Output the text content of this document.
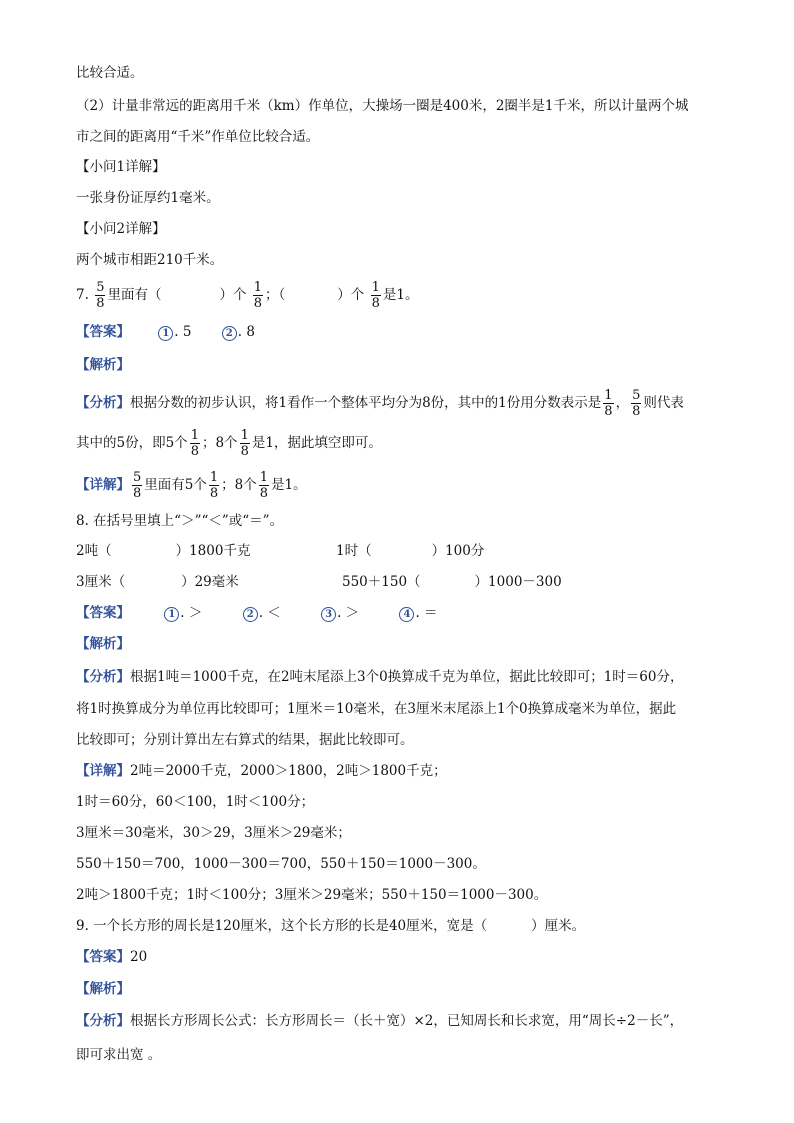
比较合适。
（2）计量非常远的距离用千米（km）作单位，大操场一圈是400米，2圈半是1千米，所以计量两个城
市之间的距离用“千米”作单位比较合适。
【小问1详解】
一张身份证厚约1毫米。
【小问2详解】
两个城市相距210千米。
7. $\frac{5}{8}$ 里面有（	）个 $\frac{1}{8}$ ；（	）个 $\frac{1}{8}$ 是1。
【答案】	1 . 5	2 . 8
【解析】
【分析】根据分数的初步认识，将1看作一个整体平均分为8份，其中的1份用分数表示是 $\frac{1}{8}$ ， $\frac{5}{8}$ 则代表
其中的5份，即5个 $\frac{1}{8}$ ；8个 $\frac{1}{8}$ 是1，据此填空即可。
【详解】 $\frac{5}{8}$ 里面有5个 $\frac{1}{8}$ ；8个 $\frac{1}{8}$ 是1。
8. 在括号里填上“＞”“＜”或“＝”。
2吨（	）1800千克	1时（	）100分
3厘米（	）29毫米	550＋150（	）1000－300
【答案】	1 . ＞	2 . ＜	3 . ＞	4 . ＝
【解析】
【分析】根据1吨＝1000千克，在2吨末尾添上3个0换算成千克为单位，据此比较即可；1时＝60分，
将1时换算成分为单位再比较即可；1厘米＝10毫米，在3厘米末尾添上1个0换算成毫米为单位，据此
比较即可；分别计算出左右算式的结果，据此比较即可。
【详解】2吨＝2000千克，2000＞1800，2吨＞1800千克；
1时＝60分，60＜100，1时＜100分；
3厘米＝30毫米，30＞29，3厘米＞29毫米；
550＋150＝700，1000－300＝700，550＋150＝1000－300。
2吨＞1800千克；1时＜100分；3厘米＞29毫米；550＋150＝1000－300。
9. 一个长方形的周长是120厘米，这个长方形的长是40厘米，宽是（	）厘米。
【答案】20
【解析】
【分析】根据长方形周长公式：长方形周长＝（长＋宽）×2，已知周长和长求宽，用“周长÷2－长”，
即可求出宽 。
